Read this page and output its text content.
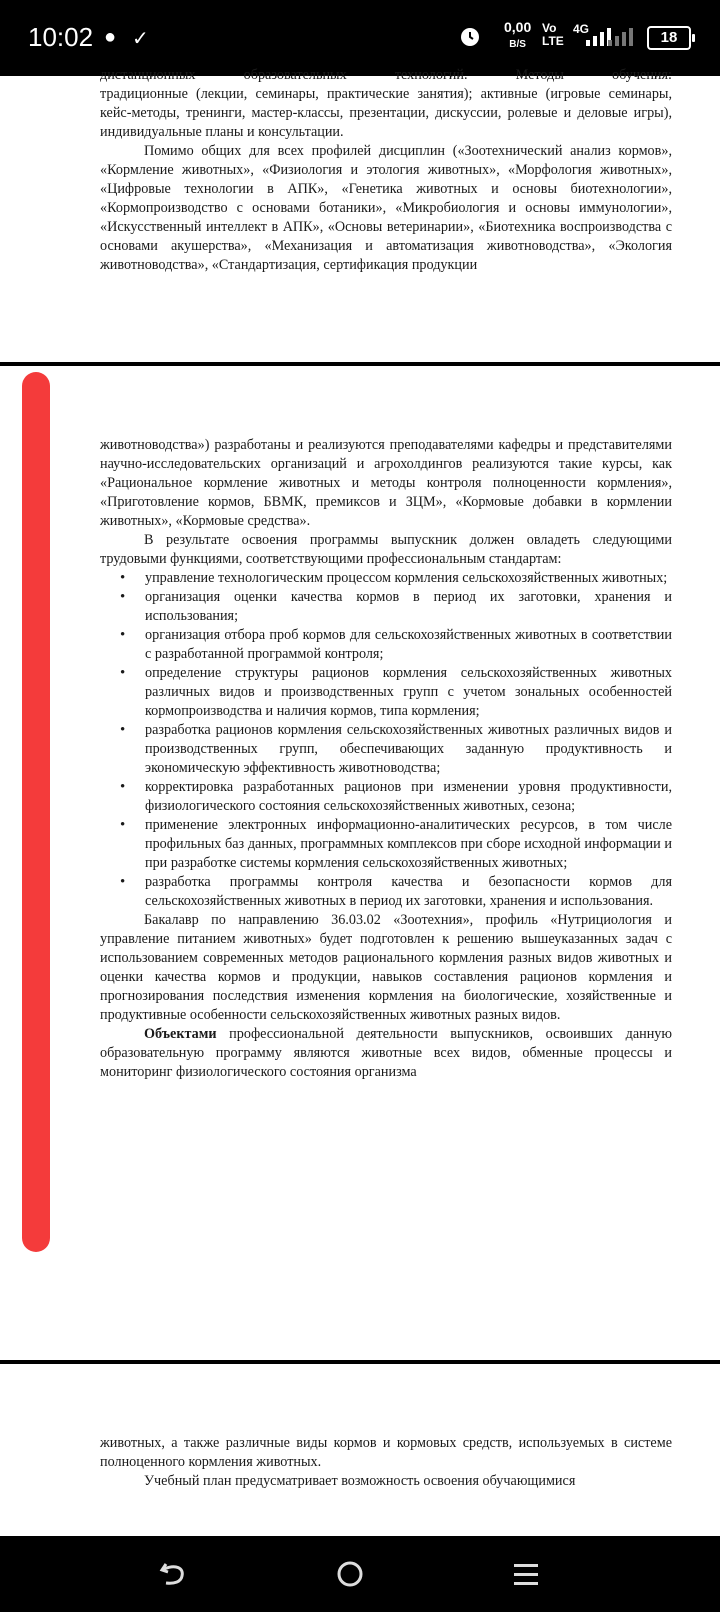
10:02 ● ✓
0,00
B/S
Vo
LTE
4G	18

дистанционных образовательных технологий. Методы обучения:

традиционные (лекции, семинары, практические занятия); активные (игровые семинары, кейс-методы, тренинги, мастер-классы, презентации, дискуссии, ролевые и деловые игры), индивидуальные планы и консультации.

Помимо общих для всех профилей дисциплин («Зоотехнический анализ кормов», «Кормление животных», «Физиология и этология животных», «Морфология животных», «Цифровые технологии в АПК», «Генетика животных и основы биотехнологии», «Кормопроизводство с основами ботаники», «Микробиология и основы иммунологии», «Искусственный интеллект в АПК», «Основы ветеринарии», «Биотехника воспроизводства с основами акушерства», «Механизация и автоматизация животноводства», «Экология животноводства», «Стандартизация, сертификация продукции

животноводства») разработаны и реализуются преподавателями кафедры и представителями научно-исследовательских организаций и агрохолдингов реализуются такие курсы, как «Рациональное кормление животных и методы контроля полноценности кормления», «Приготовление кормов, БВМК, премиксов и ЗЦМ», «Кормовые добавки в кормлении животных», «Кормовые средства».

В результате освоения программы выпускник должен овладеть следующими трудовыми функциями, соответствующими профессиональным стандартам:

• управление технологическим процессом кормления сельскохозяйственных животных;
• организация оценки качества кормов в период их заготовки, хранения и использования;
• организация отбора проб кормов для сельскохозяйственных животных в соответствии с разработанной программой контроля;
• определение структуры рационов кормления сельскохозяйственных животных различных видов и производственных групп с учетом зональных особенностей кормопроизводства и наличия кормов, типа кормления;
• разработка рационов кормления сельскохозяйственных животных различных видов и производственных групп, обеспечивающих заданную продуктивность и экономическую эффективность животноводства;
• корректировка разработанных рационов при изменении уровня продуктивности, физиологического состояния сельскохозяйственных животных, сезона;
• применение электронных информационно-аналитических ресурсов, в том числе профильных баз данных, программных комплексов при сборе исходной информации и при разработке системы кормления сельскохозяйственных животных;
• разработка программы контроля качества и безопасности кормов для сельскохозяйственных животных в период их заготовки, хранения и использования.

Бакалавр по направлению 36.03.02 «Зоотехния», профиль «Нутрициология и управление питанием животных» будет подготовлен к решению вышеуказанных задач с использованием современных методов рационального кормления разных видов животных и оценки качества кормов и продукции, навыков составления рационов кормления и прогнозирования последствия изменения кормления на биологические, хозяйственные и продуктивные особенности сельскохозяйственных животных разных видов.

Объектами профессиональной деятельности выпускников, освоивших данную образовательную программу являются животные всех видов, обменные процессы и мониторинг физиологического состояния организма

животных, а также различные виды кормов и кормовых средств, используемых в системе полноценного кормления животных.

Учебный план предусматривает возможность освоения обучающимися
